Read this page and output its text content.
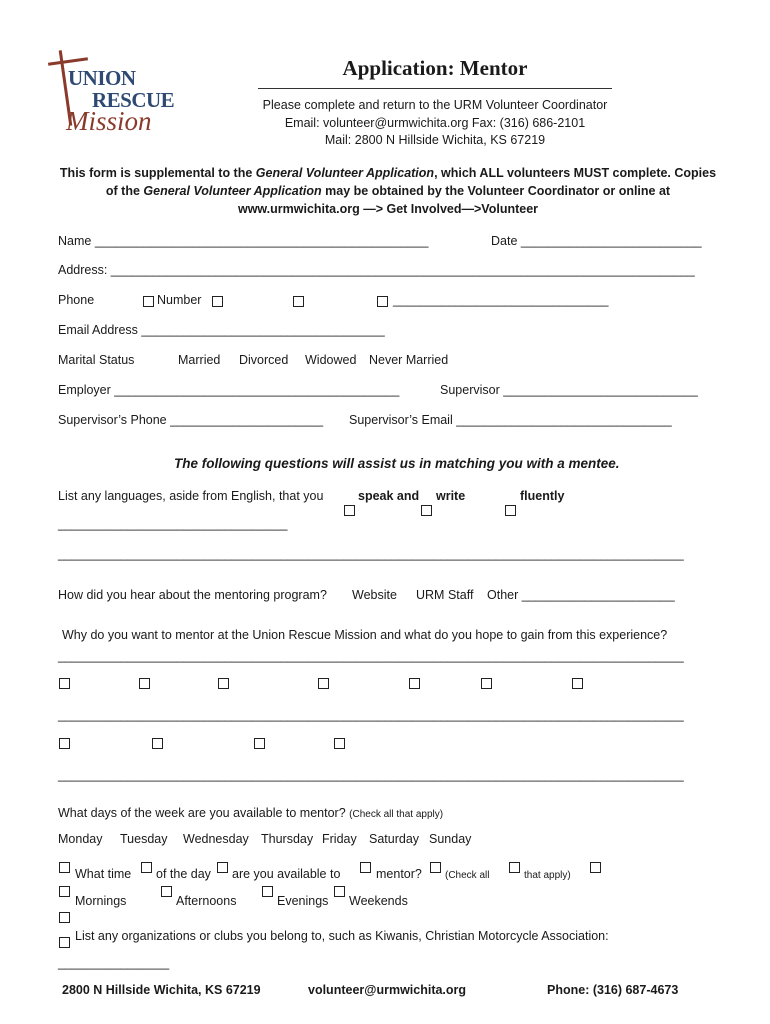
UNION
RESCUE
Mission
Application: Mentor
Please complete and return to the URM Volunteer Coordinator
Email: volunteer@urmwichita.org Fax: (316) 686-2101
Mail: 2800 N Hillside Wichita, KS 67219
This form is supplemental to the General Volunteer Application, which ALL volunteers MUST complete. Copies of the General Volunteer Application may be obtained by the Volunteer Coordinator or online at
www.urmwichita.org —> Get Involved—>Volunteer
Name ________________________________________________	Date __________________________
Address: ____________________________________________________________________________________
Phone	Number	_______________________________
Email Address ___________________________________
Marital Status	Married Divorced Widowed Never Married
Employer _________________________________________	Supervisor ____________________________
Supervisor’s Phone ______________________ Supervisor’s Email _______________________________
The following questions will assist us in matching you with a mentee.
List any languages, aside from English, that you	speak and write	fluently
_________________________________
__________________________________________________________________________________________
How did you hear about the mentoring program? Website URM Staff Other ______________________
Why do you want to mentor at the Union Rescue Mission and what do you hope to gain from this experience?
__________________________________________________________________________________________
__________________________________________________________________________________________
__________________________________________________________________________________________
What days of the week are you available to mentor? (Check all that apply)
Monday Tuesday Wednesday Thursday Friday Saturday Sunday
What time of the day are you available to	mentor? (Check all	that apply)
Mornings	Afternoons	Evenings Weekends
List any organizations or clubs you belong to, such as Kiwanis, Christian Motorcycle Association:
________________
2800 N Hillside Wichita, KS 67219	volunteer@urmwichita.org	Phone: (316) 687-4673
